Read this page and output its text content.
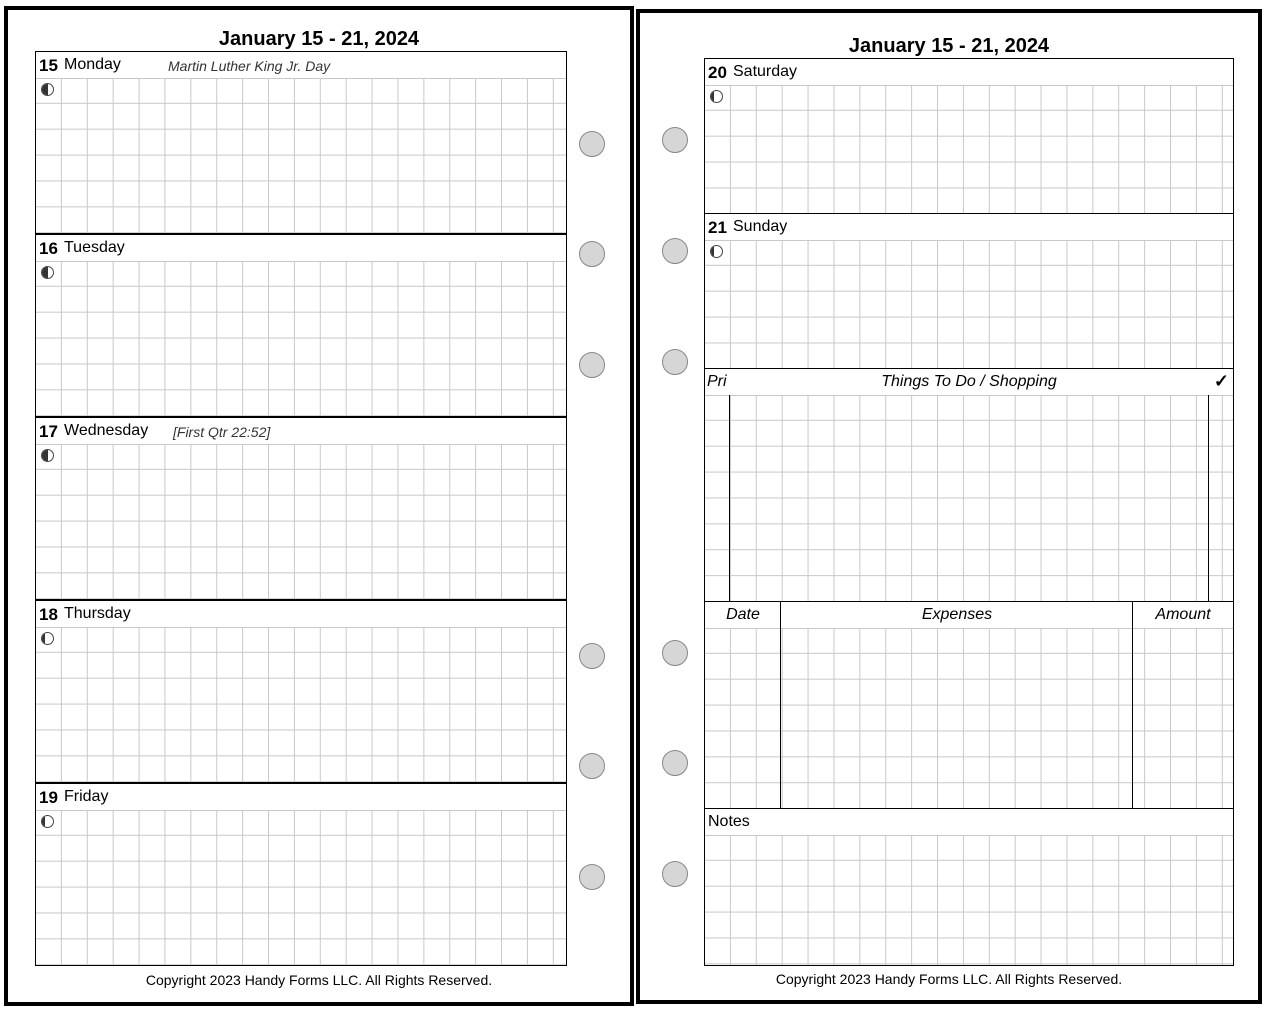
January 15 - 21, 2024
15 Monday	Martin Luther King Jr. Day
16 Tuesday
17 Wednesday [First Qtr 22:52]
18 Thursday
19 Friday
Copyright 2023 Handy Forms LLC. All Rights Reserved.
January 15 - 21, 2024
20 Saturday
21 Sunday
Pri	Things To Do / Shopping	✓
Date	Expenses	Amount
Notes
Copyright 2023 Handy Forms LLC. All Rights Reserved.
